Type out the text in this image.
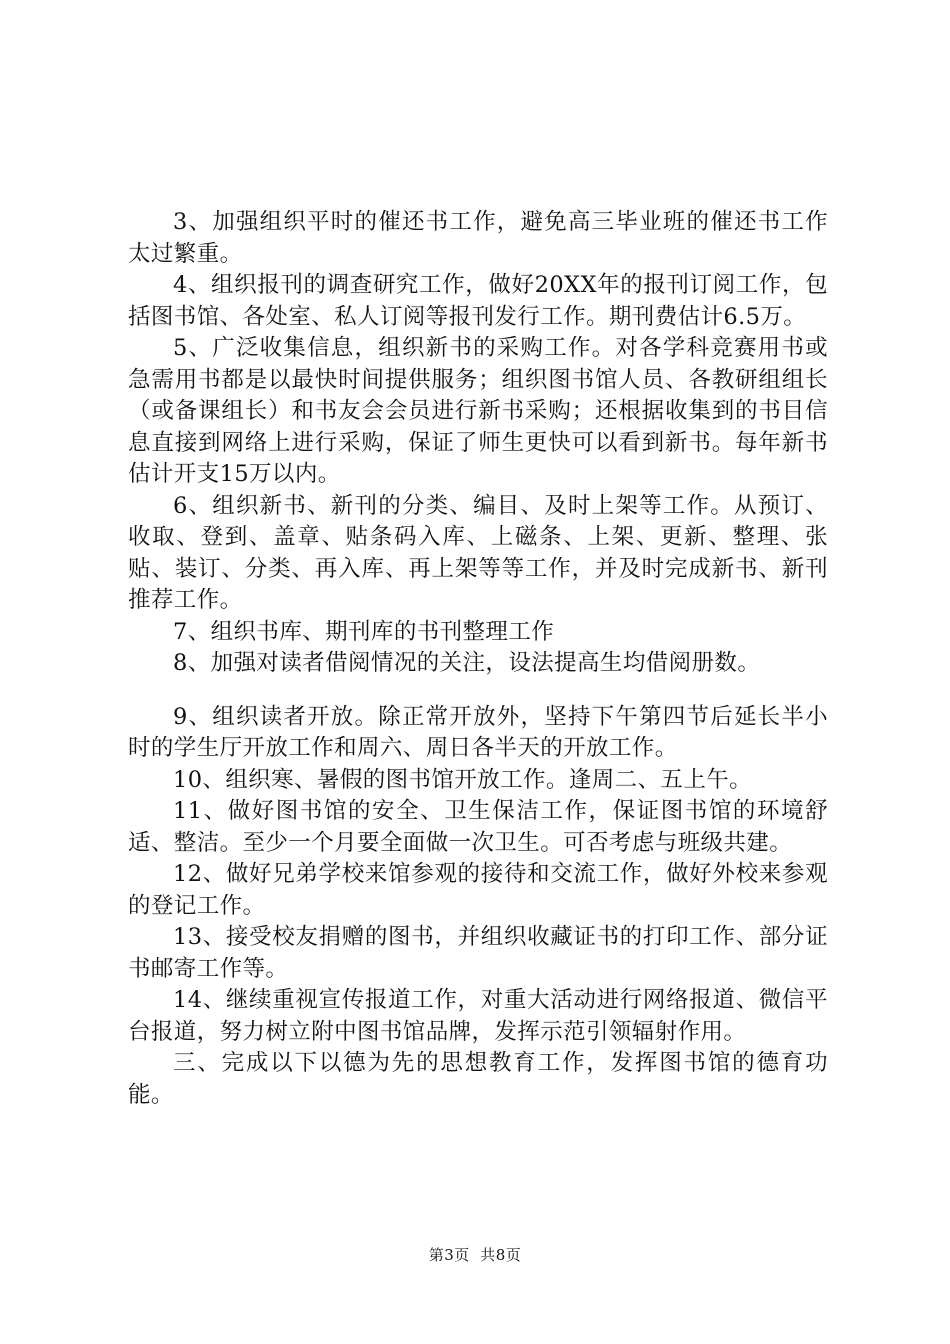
3、加强组织平时的催还书工作，避免高三毕业班的催还书工作太过繁重。

4、组织报刊的调查研究工作，做好20XX年的报刊订阅工作，包括图书馆、各处室、私人订阅等报刊发行工作。期刊费估计6.5万。

5、广泛收集信息，组织新书的采购工作。对各学科竞赛用书或急需用书都是以最快时间提供服务；组织图书馆人员、各教研组组长（或备课组长）和书友会会员进行新书采购；还根据收集到的书目信息直接到网络上进行采购，保证了师生更快可以看到新书。每年新书估计开支15万以内。

6、组织新书、新刊的分类、编目、及时上架等工作。从预订、收取、登到、盖章、贴条码入库、上磁条、上架、更新、整理、张贴、装订、分类、再入库、再上架等等工作，并及时完成新书、新刊推荐工作。

7、组织书库、期刊库的书刊整理工作

8、加强对读者借阅情况的关注，设法提高生均借阅册数。

9、组织读者开放。除正常开放外，坚持下午第四节后延长半小时的学生厅开放工作和周六、周日各半天的开放工作。

10、组织寒、暑假的图书馆开放工作。逢周二、五上午。

11、做好图书馆的安全、卫生保洁工作，保证图书馆的环境舒适、整洁。至少一个月要全面做一次卫生。可否考虑与班级共建。

12、做好兄弟学校来馆参观的接待和交流工作，做好外校来参观的登记工作。

13、接受校友捐赠的图书，并组织收藏证书的打印工作、部分证书邮寄工作等。

14、继续重视宣传报道工作，对重大活动进行网络报道、微信平台报道，努力树立附中图书馆品牌，发挥示范引领辐射作用。

三、完成以下以德为先的思想教育工作，发挥图书馆的德育功能。

第3页  共8页
